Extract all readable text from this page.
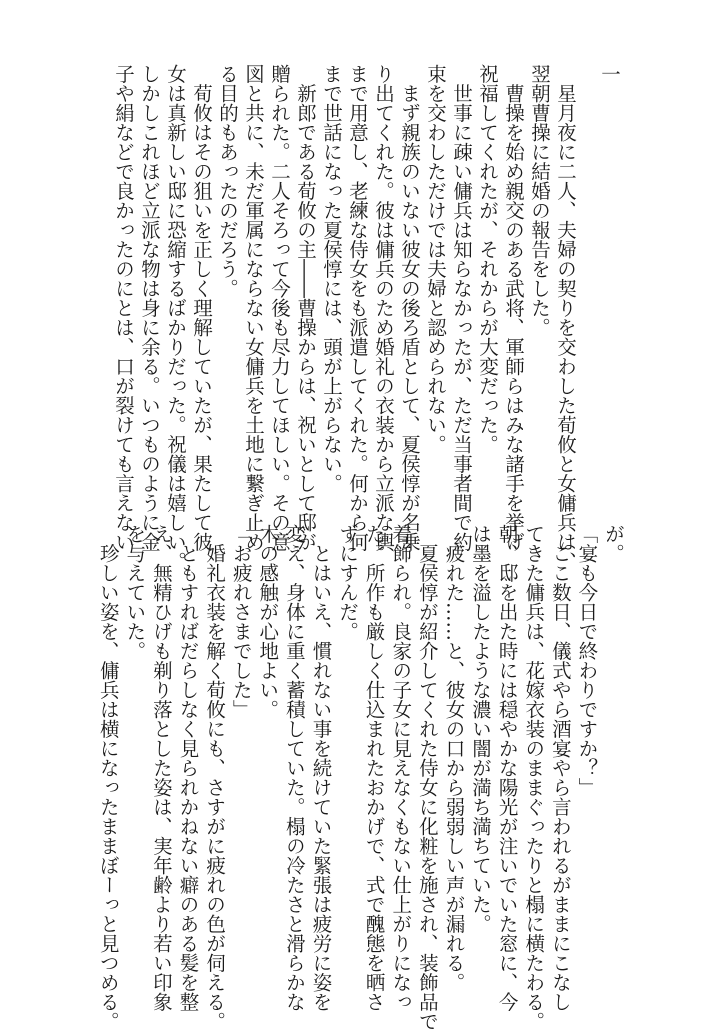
一
　星月夜に二人、夫婦の契りを交わした荀攸と女傭兵は、
翌朝曹操に結婚の報告をした。
　曹操を始め親交のある武将、軍師らはみな諸手を挙げ
祝福してくれたが、それからが大変だった。
　世事に疎い傭兵は知らなかったが、ただ当事者間で約
束を交わしただけでは夫婦と認められない。
　まず親族のいない彼女の後ろ盾として、夏侯惇が名乗
り出てくれた。彼は傭兵のため婚礼の衣装から立派な輿
まで用意し、老練な侍女をも派遣してくれた。何から何
まで世話になった夏侯惇には、頭が上がらない。
　新郎である荀攸の主――曹操からは、祝いとして邸が
贈られた。二人そろって今後も尽力してほしい。その意
図と共に、未だ軍属にならない女傭兵を土地に繋ぎ止め
る目的もあったのだろう。
　荀攸はその狙いを正しく理解していたが、果たして彼
女は真新しい邸に恐縮するばかりだった。祝儀は嬉しい。
しかしこれほど立派な物は身に余る。いつものように金
子や絹などで良かったのにとは、口が裂けても言えない	が。
「宴も今日で終わりですか？」
　ここ数日、儀式やら酒宴やら言われるがままにこなし
てきた傭兵は、花嫁衣装のままぐったりと榻に横たわる。
朝、邸を出た時には穏やかな陽光が注いでいた窓に、今
は墨を溢したような濃い闇が満ち満ちていた。
　疲れた……と、彼女の口から弱弱しい声が漏れる。
　夏侯惇が紹介してくれた侍女に化粧を施され、装飾品で
着飾られ。良家の子女に見えなくもない仕上がりになっ
た。所作も厳しく仕込まれたおかげで、式で醜態を晒さ
ずにすんだ。
　とはいえ、慣れない事を続けていた緊張は疲労に姿を
変え、身体に重く蓄積していた。榻の冷たさと滑らかな
木の感触が心地よい。
「お疲れさまでした」
　婚礼衣装を解く荀攸にも、さすがに疲れの色が伺える。
　ともすればだらしなく見られかねない癖のある髪を整
え、無精ひげも剃り落とした姿は、実年齢より若い印象
を与えていた。
　珍しい姿を、傭兵は横になったままぼーっと見つめる。
